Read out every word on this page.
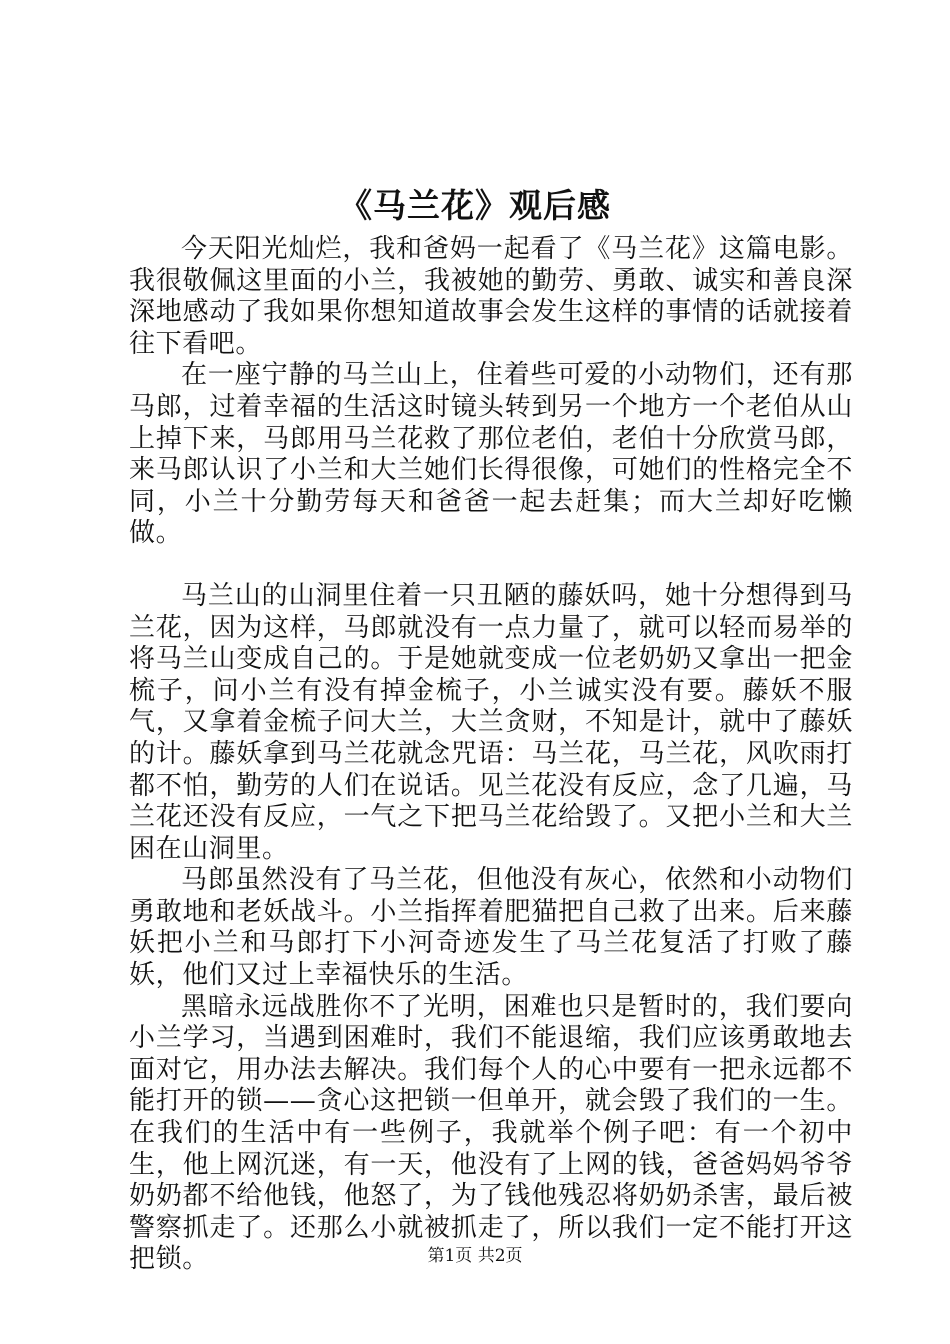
《马兰花》观后感

今天阳光灿烂，我和爸妈一起看了《马兰花》这篇电影。我很敬佩这里面的小兰，我被她的勤劳、勇敢、诚实和善良深深地感动了我如果你想知道故事会发生这样的事情的话就接着往下看吧。

在一座宁静的马兰山上，住着些可爱的小动物们，还有那马郎，过着幸福的生活这时镜头转到另一个地方一个老伯从山上掉下来，马郎用马兰花救了那位老伯，老伯十分欣赏马郎，来马郎认识了小兰和大兰她们长得很像，可她们的性格完全不同，小兰十分勤劳每天和爸爸一起去赶集；而大兰却好吃懒做。

马兰山的山洞里住着一只丑陋的藤妖吗，她十分想得到马兰花，因为这样，马郎就没有一点力量了，就可以轻而易举的将马兰山变成自己的。于是她就变成一位老奶奶又拿出一把金梳子，问小兰有没有掉金梳子，小兰诚实没有要。藤妖不服气，又拿着金梳子问大兰，大兰贪财，不知是计，就中了藤妖的计。藤妖拿到马兰花就念咒语：马兰花，马兰花，风吹雨打都不怕，勤劳的人们在说话。见兰花没有反应，念了几遍，马兰花还没有反应，一气之下把马兰花给毁了。又把小兰和大兰困在山洞里。

马郎虽然没有了马兰花，但他没有灰心，依然和小动物们勇敢地和老妖战斗。小兰指挥着肥猫把自己救了出来。后来藤妖把小兰和马郎打下小河奇迹发生了马兰花复活了打败了藤妖，他们又过上幸福快乐的生活。

黑暗永远战胜你不了光明，困难也只是暂时的，我们要向小兰学习，当遇到困难时，我们不能退缩，我们应该勇敢地去面对它，用办法去解决。我们每个人的心中要有一把永远都不能打开的锁——贪心这把锁一但单开，就会毁了我们的一生。在我们的生活中有一些例子，我就举个例子吧：有一个初中生，他上网沉迷，有一天，他没有了上网的钱，爸爸妈妈爷爷奶奶都不给他钱，他怒了，为了钱他残忍将奶奶杀害，最后被警察抓走了。还那么小就被抓走了，所以我们一定不能打开这把锁。	第1页 共2页
